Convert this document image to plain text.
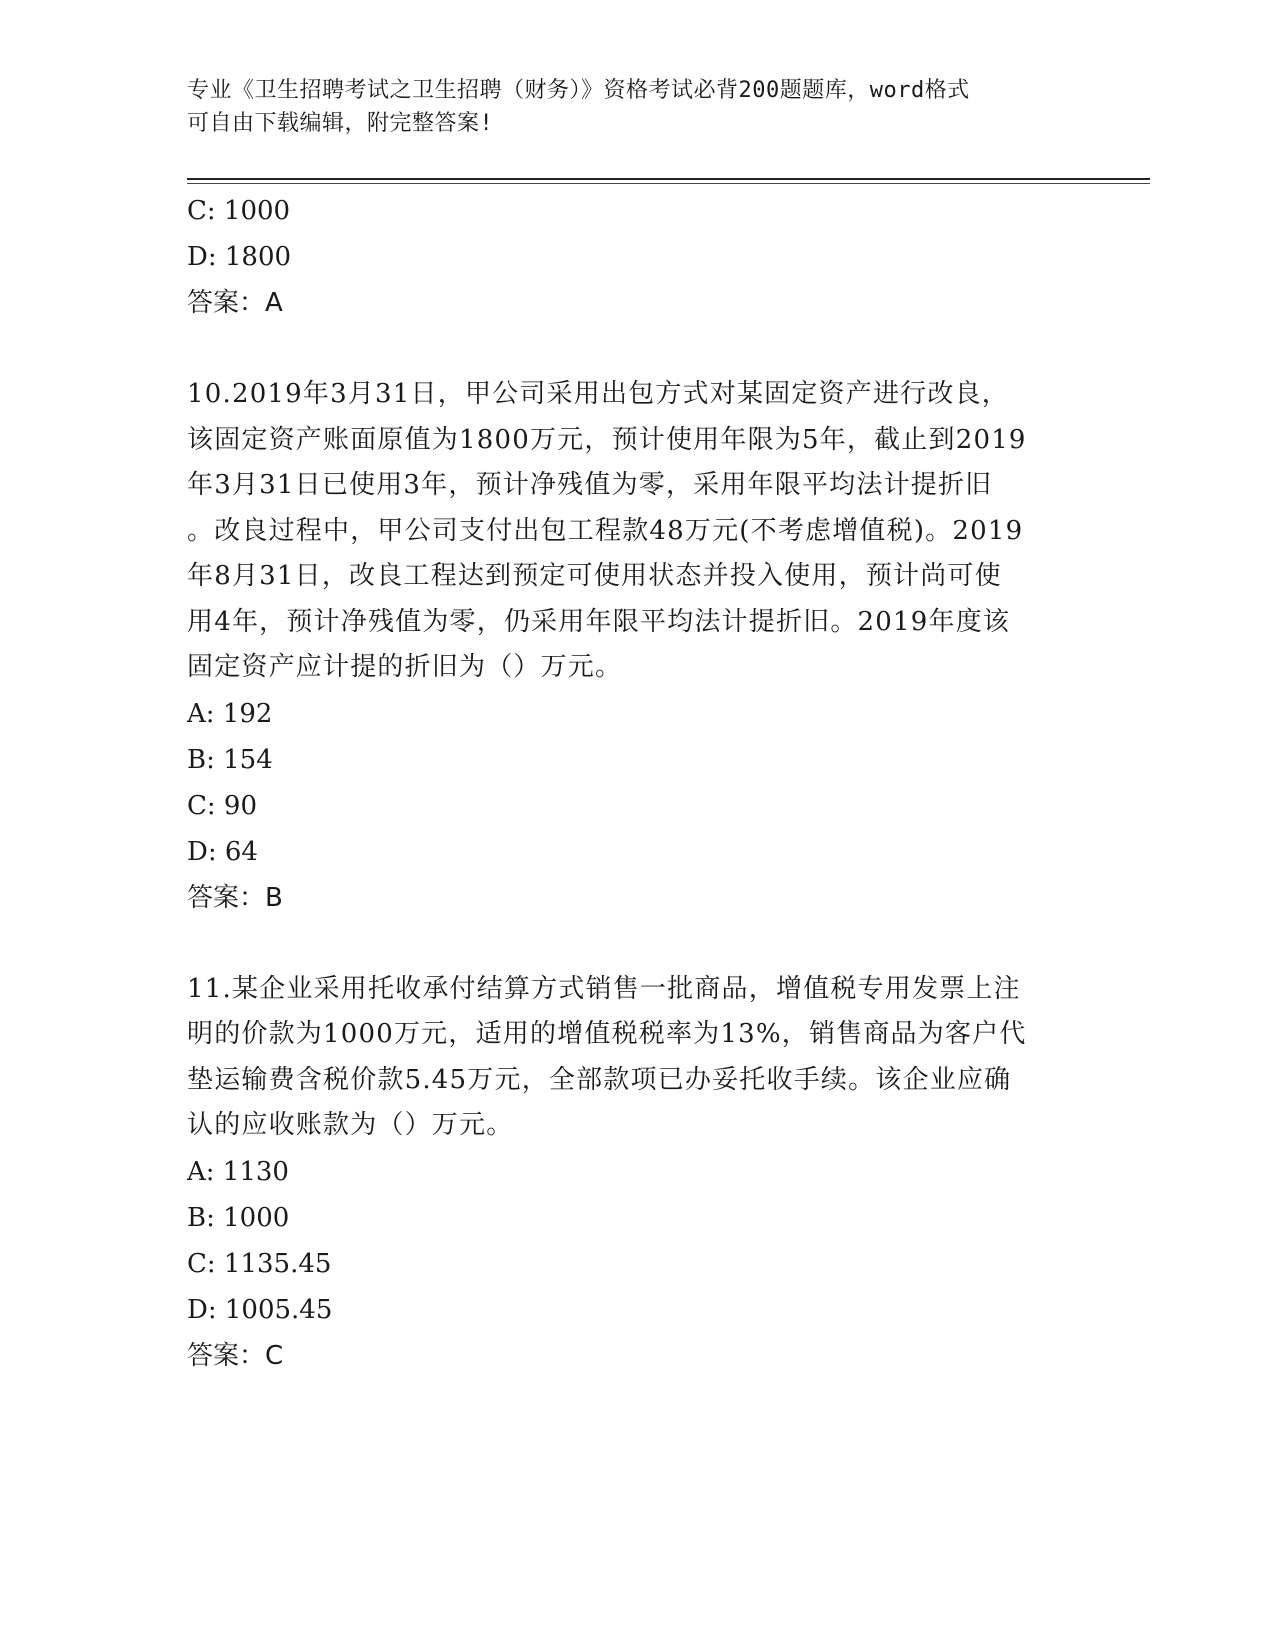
专业《卫生招聘考试之卫生招聘（财务）》资格考试必背200题题库，word格式
可自由下载编辑，附完整答案!
C: 1000
D: 1800
答案：A
10.2019年3月31日，甲公司采用出包方式对某固定资产进行改良，
该固定资产账面原值为1800万元，预计使用年限为5年，截止到2019
年3月31日已使用3年，预计净残值为零，采用年限平均法计提折旧
。改良过程中，甲公司支付出包工程款48万元(不考虑增值税)。2019
年8月31日，改良工程达到预定可使用状态并投入使用，预计尚可使
用4年，预计净残值为零，仍采用年限平均法计提折旧。2019年度该
固定资产应计提的折旧为（）万元。
A: 192
B: 154
C: 90
D: 64
答案：B
11.某企业采用托收承付结算方式销售一批商品，增值税专用发票上注
明的价款为1000万元，适用的增值税税率为13%，销售商品为客户代
垫运输费含税价款5.45万元，全部款项已办妥托收手续。该企业应确
认的应收账款为（）万元。
A: 1130
B: 1000
C: 1135.45
D: 1005.45
答案：C
